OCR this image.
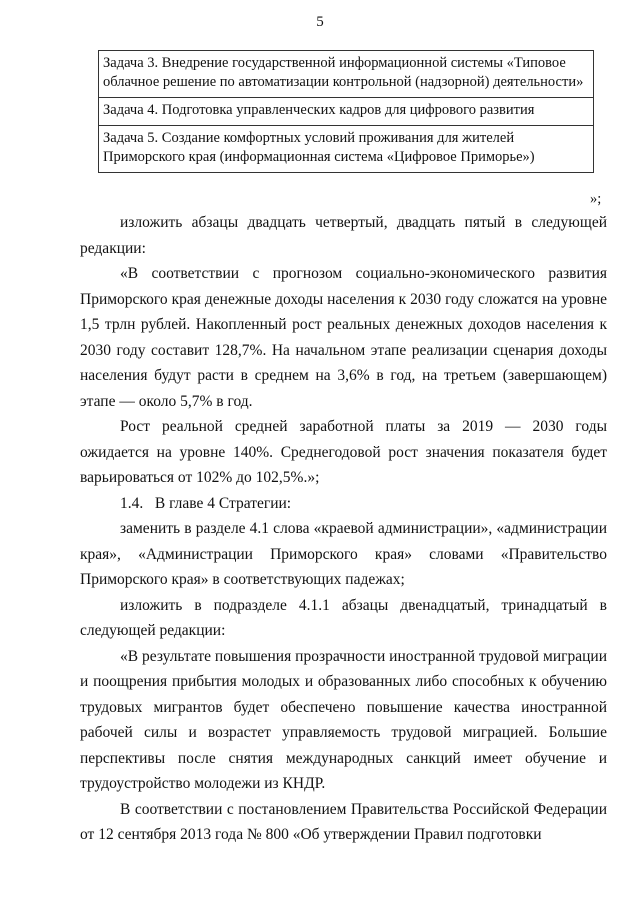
5
Задача 3. Внедрение государственной информационной системы «Типовое облачное решение по автоматизации контрольной (надзорной) деятельности»
Задача 4. Подготовка управленческих кадров для цифрового развития
Задача 5. Создание комфортных условий проживания для жителей Приморского края (информационная система «Цифровое Приморье»)
»;

изложить абзацы двадцать четвертый, двадцать пятый в следующей редакции:

«В соответствии с прогнозом социально-экономического развития Приморского края денежные доходы населения к 2030 году сложатся на уровне 1,5 трлн рублей. Накопленный рост реальных денежных доходов населения к 2030 году составит 128,7%. На начальном этапе реализации сценария доходы населения будут расти в среднем на 3,6% в год, на третьем (завершающем) этапе — около 5,7% в год.

Рост реальной средней заработной платы за 2019 — 2030 годы ожидается на уровне 140%. Среднегодовой рост значения показателя будет варьироваться от 102% до 102,5%.»;

1.4.   В главе 4 Стратегии:

заменить в разделе 4.1 слова «краевой администрации», «администрации края», «Администрации Приморского края» словами «Правительство Приморского края» в соответствующих падежах;

изложить в подразделе 4.1.1 абзацы двенадцатый, тринадцатый в следующей редакции:

«В результате повышения прозрачности иностранной трудовой миграции и поощрения прибытия молодых и образованных либо способных к обучению трудовых мигрантов будет обеспечено повышение качества иностранной рабочей силы и возрастет управляемость трудовой миграцией. Большие перспективы после снятия международных санкций имеет обучение и трудоустройство молодежи из КНДР.

В соответствии с постановлением Правительства Российской Федерации от 12 сентября 2013 года № 800 «Об утверждении Правил подготовки
